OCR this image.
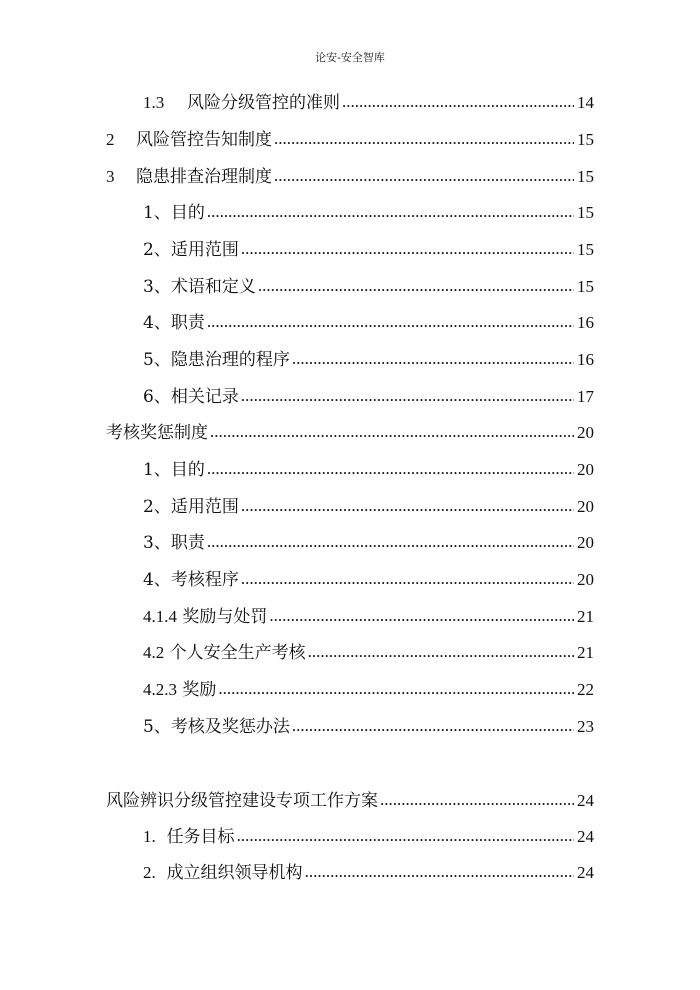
论安-安全智库
1.3	风险分级管控的准则 .....	14
2	风险管控告知制度 .....	15
3	隐患排查治理制度 .....	15
1、目的 .....	15
2、适用范围 .....	15
3、术语和定义 .....	15
4、职责 .....	16
5、隐患治理的程序 .....	16
6、相关记录 .....	17
考核奖惩制度 .....	20
1、目的 .....	20
2、适用范围 .....	20
3、职责 .....	20
4、考核程序 .....	20
4.1.4 奖励与处罚 .....	21
4.2 个人安全生产考核 .....	21
4.2.3 奖励 .....	22
5、考核及奖惩办法 .....	23
风险辨识分级管控建设专项工作方案 .....	24
1. 任务目标 .....	24
2. 成立组织领导机构 .....	24
